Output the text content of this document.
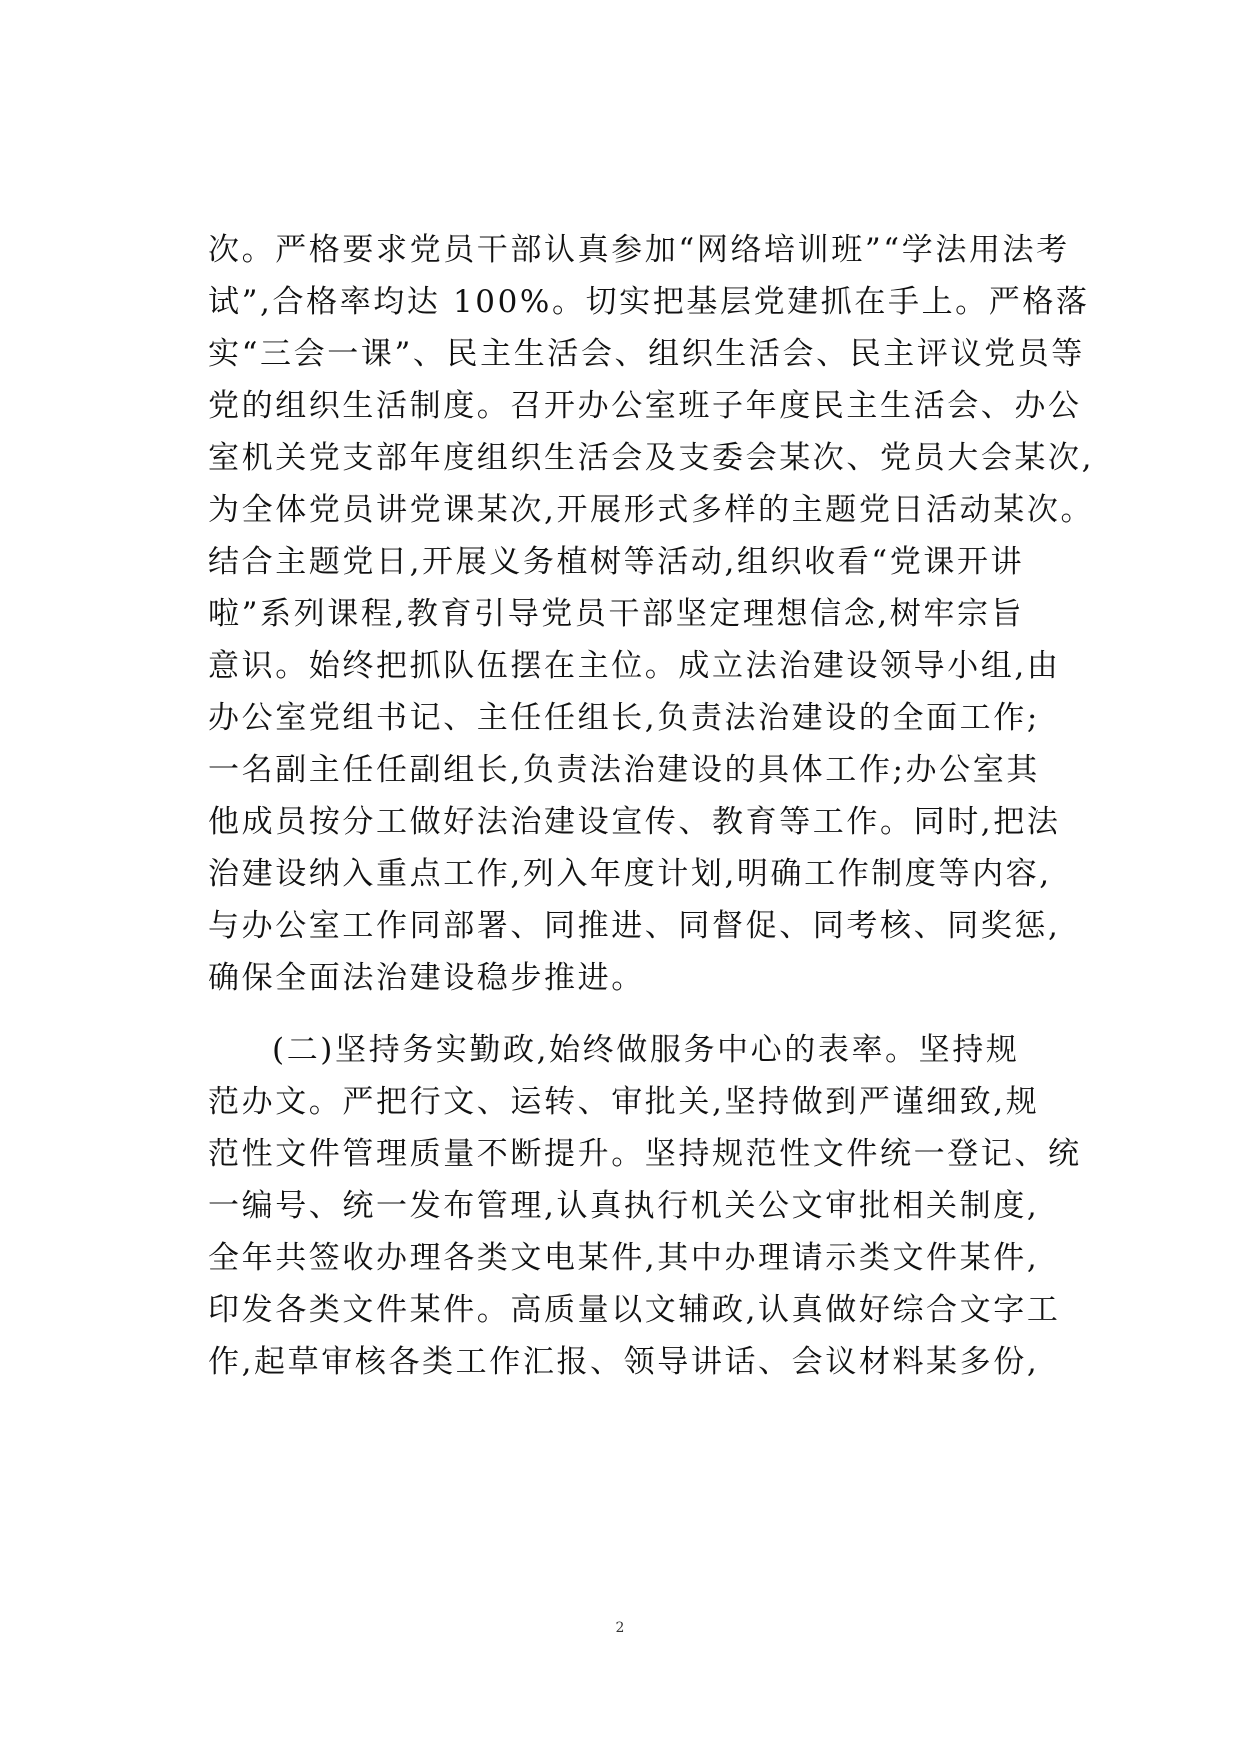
次。严格要求党员干部认真参加“网络培训班”“学法用法考
试”,合格率均达 100%。切实把基层党建抓在手上。严格落
实“三会一课”、民主生活会、组织生活会、民主评议党员等
党的组织生活制度。召开办公室班子年度民主生活会、办公
室机关党支部年度组织生活会及支委会某次、党员大会某次,
为全体党员讲党课某次,开展形式多样的主题党日活动某次。
结合主题党日,开展义务植树等活动,组织收看“党课开讲
啦”系列课程,教育引导党员干部坚定理想信念,树牢宗旨
意识。始终把抓队伍摆在主位。成立法治建设领导小组,由
办公室党组书记、主任任组长,负责法治建设的全面工作;
一名副主任任副组长,负责法治建设的具体工作;办公室其
他成员按分工做好法治建设宣传、教育等工作。同时,把法
治建设纳入重点工作,列入年度计划,明确工作制度等内容,
与办公室工作同部署、同推进、同督促、同考核、同奖惩,
确保全面法治建设稳步推进。
(二)坚持务实勤政,始终做服务中心的表率。坚持规
范办文。严把行文、运转、审批关,坚持做到严谨细致,规
范性文件管理质量不断提升。坚持规范性文件统一登记、统
一编号、统一发布管理,认真执行机关公文审批相关制度,
全年共签收办理各类文电某件,其中办理请示类文件某件,
印发各类文件某件。高质量以文辅政,认真做好综合文字工
作,起草审核各类工作汇报、领导讲话、会议材料某多份,
2
